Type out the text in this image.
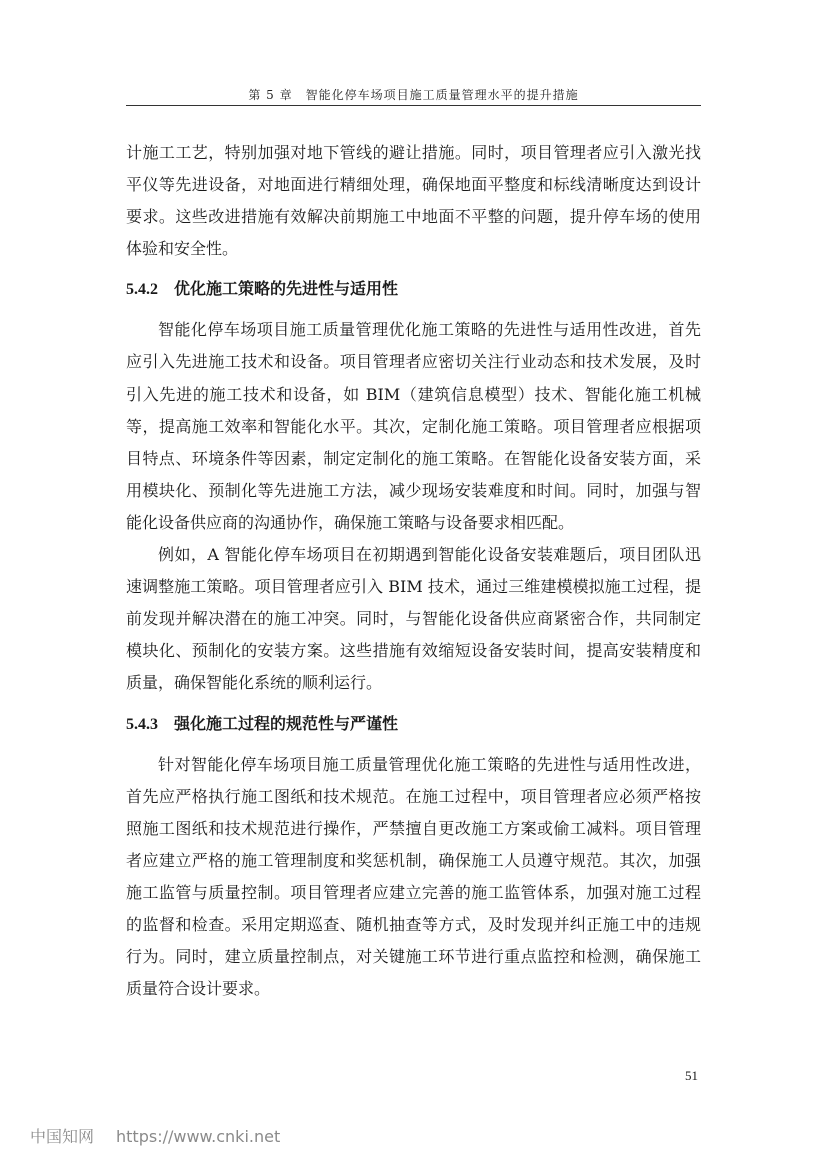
第 5 章　智能化停车场项目施工质量管理水平的提升措施

计施工工艺，特别加强对地下管线的避让措施。同时，项目管理者应引入激光找平仪等先进设备，对地面进行精细处理，确保地面平整度和标线清晰度达到设计要求。这些改进措施有效解决前期施工中地面不平整的问题，提升停车场的使用体验和安全性。

5.4.2 优化施工策略的先进性与适用性

智能化停车场项目施工质量管理优化施工策略的先进性与适用性改进，首先应引入先进施工技术和设备。项目管理者应密切关注行业动态和技术发展，及时引入先进的施工技术和设备，如 BIM（建筑信息模型）技术、智能化施工机械等，提高施工效率和智能化水平。其次，定制化施工策略。项目管理者应根据项目特点、环境条件等因素，制定定制化的施工策略。在智能化设备安装方面，采用模块化、预制化等先进施工方法，减少现场安装难度和时间。同时，加强与智能化设备供应商的沟通协作，确保施工策略与设备要求相匹配。

例如，A 智能化停车场项目在初期遇到智能化设备安装难题后，项目团队迅速调整施工策略。项目管理者应引入 BIM 技术，通过三维建模模拟施工过程，提前发现并解决潜在的施工冲突。同时，与智能化设备供应商紧密合作，共同制定模块化、预制化的安装方案。这些措施有效缩短设备安装时间，提高安装精度和质量，确保智能化系统的顺利运行。

5.4.3 强化施工过程的规范性与严谨性

针对智能化停车场项目施工质量管理优化施工策略的先进性与适用性改进，首先应严格执行施工图纸和技术规范。在施工过程中，项目管理者应必须严格按照施工图纸和技术规范进行操作，严禁擅自更改施工方案或偷工减料。项目管理者应建立严格的施工管理制度和奖惩机制，确保施工人员遵守规范。其次，加强施工监管与质量控制。项目管理者应建立完善的施工监管体系，加强对施工过程的监督和检查。采用定期巡查、随机抽查等方式，及时发现并纠正施工中的违规行为。同时，建立质量控制点，对关键施工环节进行重点监控和检测，确保施工质量符合设计要求。

51
中国知网 https://www.cnki.net
